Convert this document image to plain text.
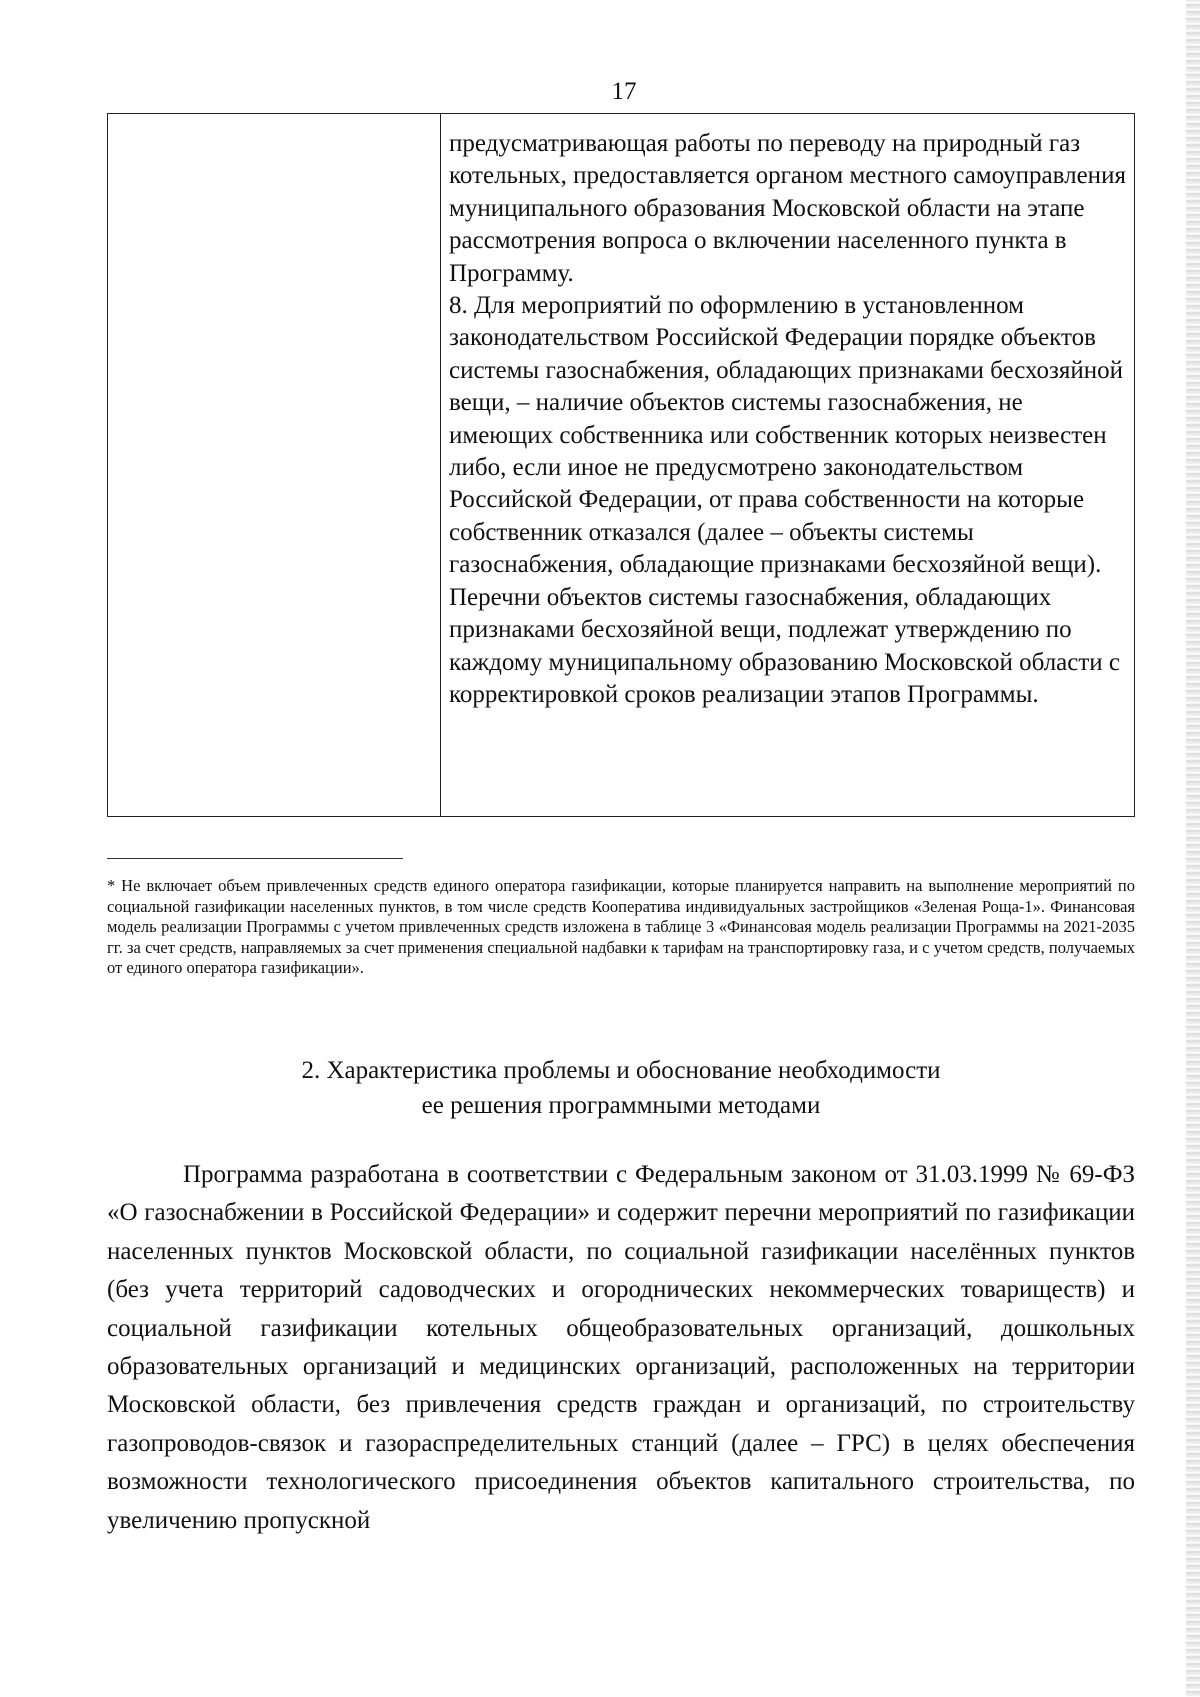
17

предусматривающая работы по переводу на природный газ котельных, предоставляется органом местного самоуправления муниципального образования Московской области на этапе рассмотрения вопроса о включении населенного пункта в Программу.

8. Для мероприятий по оформлению в установленном законодательством Российской Федерации порядке объектов системы газоснабжения, обладающих признаками бесхозяйной вещи, – наличие объектов системы газоснабжения, не имеющих собственника или собственник которых неизвестен либо, если иное не предусмотрено законодательством Российской Федерации, от права собственности на которые собственник отказался (далее – объекты системы газоснабжения, обладающие признаками бесхозяйной вещи).

Перечни объектов системы газоснабжения, обладающих признаками бесхозяйной вещи, подлежат утверждению по каждому муниципальному образованию Московской области с корректировкой сроков реализации этапов Программы.

* Не включает объем привлеченных средств единого оператора газификации, которые планируется направить на выполнение мероприятий по социальной газификации населенных пунктов, в том числе средств Кооператива индивидуальных застройщиков «Зеленая Роща-1». Финансовая модель реализации Программы с учетом привлеченных средств изложена в таблице 3 «Финансовая модель реализации Программы на 2021-2035 гг. за счет средств, направляемых за счет применения специальной надбавки к тарифам на транспортировку газа, и с учетом средств, получаемых от единого оператора газификации».

2. Характеристика проблемы и обоснование необходимости
ее решения программными методами

Программа разработана в соответствии с Федеральным законом от 31.03.1999 № 69-ФЗ «О газоснабжении в Российской Федерации» и содержит перечни мероприятий по газификации населенных пунктов Московской области, по социальной газификации населённых пунктов (без учета территорий садоводческих и огороднических некоммерческих товариществ) и социальной газификации котельных общеобразовательных организаций, дошкольных образовательных организаций и медицинских организаций, расположенных на территории Московской области, без привлечения средств граждан и организаций, по строительству газопроводов-связок и газораспределительных станций (далее – ГРС) в целях обеспечения возможности технологического присоединения объектов капитального строительства, по увеличению пропускной
